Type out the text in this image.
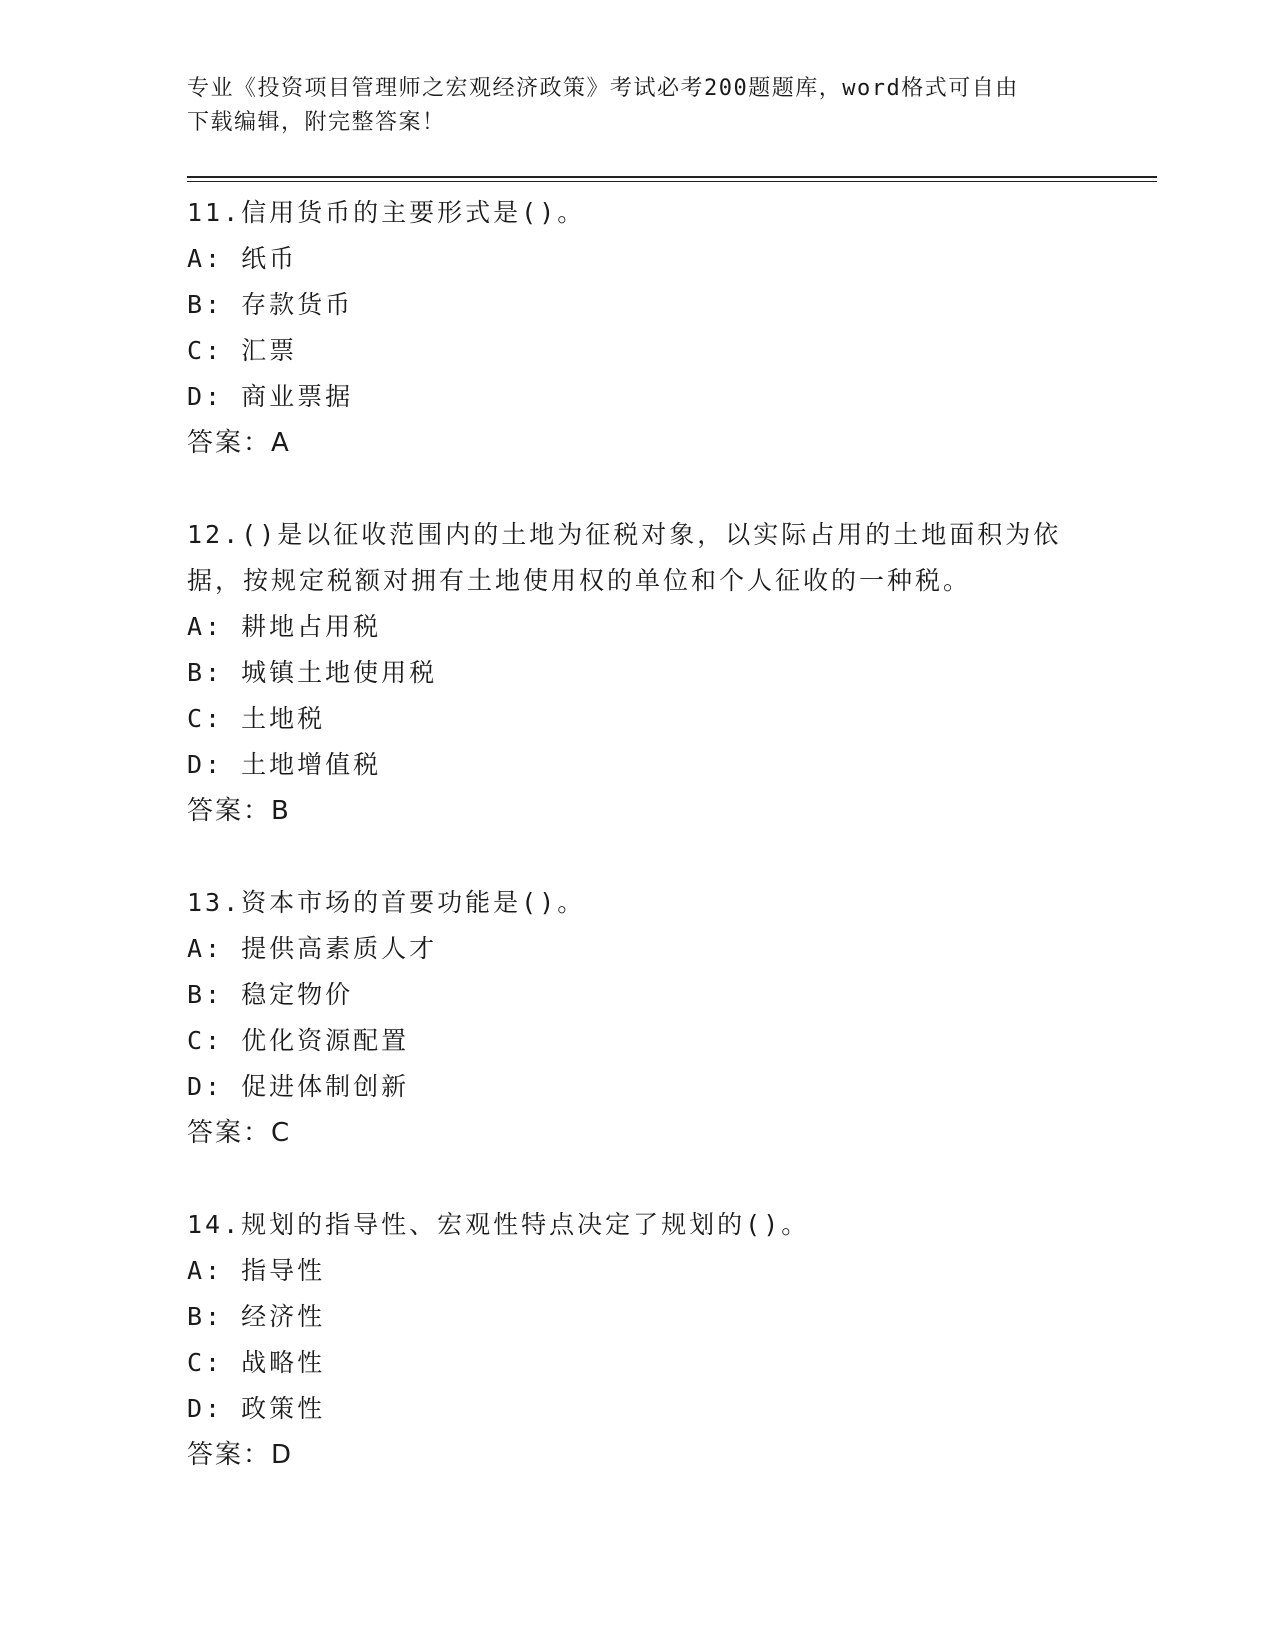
专业《投资项目管理师之宏观经济政策》考试必考200题题库，word格式可自由
下载编辑，附完整答案！
11.信用货币的主要形式是()。
A: 纸币
B: 存款货币
C: 汇票
D: 商业票据
答案：A
12.()是以征收范围内的土地为征税对象，以实际占用的土地面积为依
据，按规定税额对拥有土地使用权的单位和个人征收的一种税。
A: 耕地占用税
B: 城镇土地使用税
C: 土地税
D: 土地增值税
答案：B
13.资本市场的首要功能是()。
A: 提供高素质人才
B: 稳定物价
C: 优化资源配置
D: 促进体制创新
答案：C
14.规划的指导性、宏观性特点决定了规划的()。
A: 指导性
B: 经济性
C: 战略性
D: 政策性
答案：D
